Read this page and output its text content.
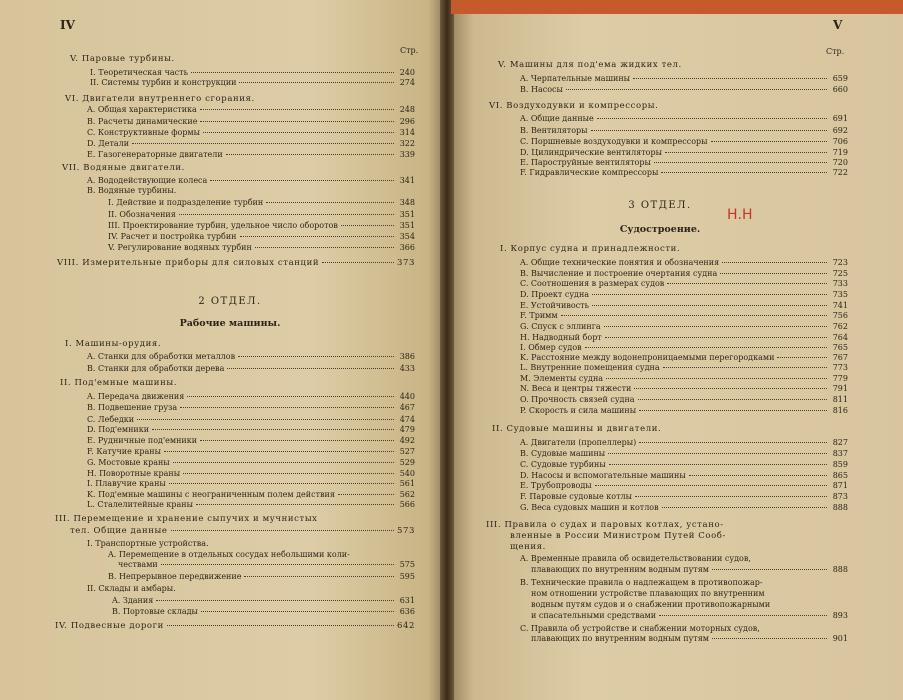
IV	V
Стр.	Стр.
2 ОТДЕЛ.
Рабочие машины.
3 ОТДЕЛ.
Судостроение.
Н.Н
V. Паровые турбины.
I. Теоретическая часть	240
II. Системы турбин и конструкции	274
VI. Двигатели внутреннего сгорания.
A. Общая характеристика	248
B. Расчеты динамические	296
C. Конструктивные формы	314
D. Детали	322
E. Газогенераторные двигатели	339
VII. Водяные двигатели.
A. Вододействующие колеса	341
B. Водяные турбины.
I. Действие и подразделение турбин	348
II. Обозначения	351
III. Проектирование турбин, удельное число оборотов	351
IV. Расчет и постройка турбин	354
V. Регулирование водяных турбин	366
VIII. Измерительные приборы для силовых станций	373
I. Машины-орудия.
A. Станки для обработки металлов	386
B. Станки для обработки дерева	433
II. Под'емные машины.
A. Передача движения	440
B. Подвешение груза	467
C. Лебедки	474
D. Под'емники	479
E. Рудничные под'емники	492
F. Катучие краны	527
G. Мостовые краны	529
H. Поворотные краны	540
I. Плавучие краны	561
K. Под'емные машины с неограниченным полем действия	562
L. Сталелитейные краны	566
III. Перемещение и хранение сыпучих и мучнистых
тел. Общие данные	573
I. Транспортные устройства.
A. Перемещение в отдельных сосудах небольшими коли-
чествами	575
B. Непрерывное передвижение	595
II. Склады и амбары.
A. Здания	631
B. Портовые склады	636
IV. Подвесные дороги	642
V. Машины для под'ема жидких тел.
A. Черпательные машины	659
B. Насосы	660
VI. Воздуходувки и компрессоры.
A. Общие данные	691
B. Вентиляторы	692
C. Поршневые воздуходувки и компрессоры	706
D. Цилиндрические вентиляторы	719
E. Пароструйные вентиляторы	720
F. Гидравлические компрессоры	722
I. Корпус судна и принадлежности.
A. Общие технические понятия и обозначения	723
B. Вычисление и построение очертания судна	725
C. Соотношения в размерах судов	733
D. Проект судна	735
E. Устойчивость	741
F. Тримм	756
G. Спуск с эллинга	762
H. Надводный борт	764
I. Обмер судов	765
K. Расстояние между водонепроницаемыми перегородками	767
L. Внутренние помещения судна	773
M. Элементы судна	779
N. Веса и центры тяжести	791
O. Прочность связей судна	811
P. Скорость и сила машины	816
II. Судовые машины и двигатели.
A. Двигатели (пропеллеры)	827
B. Судовые машины	837
C. Судовые турбины	859
D. Насосы и вспомогательные машины	865
E. Трубопроводы	871
F. Паровые судовые котлы	873
G. Веса судовых машин и котлов	888
III. Правила о судах и паровых котлах, устано-
вленные в России Министром Путей Сооб-
щения.
A. Временные правила об освидетельствовании судов,
плавающих по внутренним водным путям	888
B. Технические правила о надлежащем в противопожар-
ном отношении устройстве плавающих по внутренним
водным путям судов и о снабжении противопожарными
и спасательными средствами	893
C. Правила об устройстве и снабжении моторных судов,
плавающих по внутренним водным путям	901
